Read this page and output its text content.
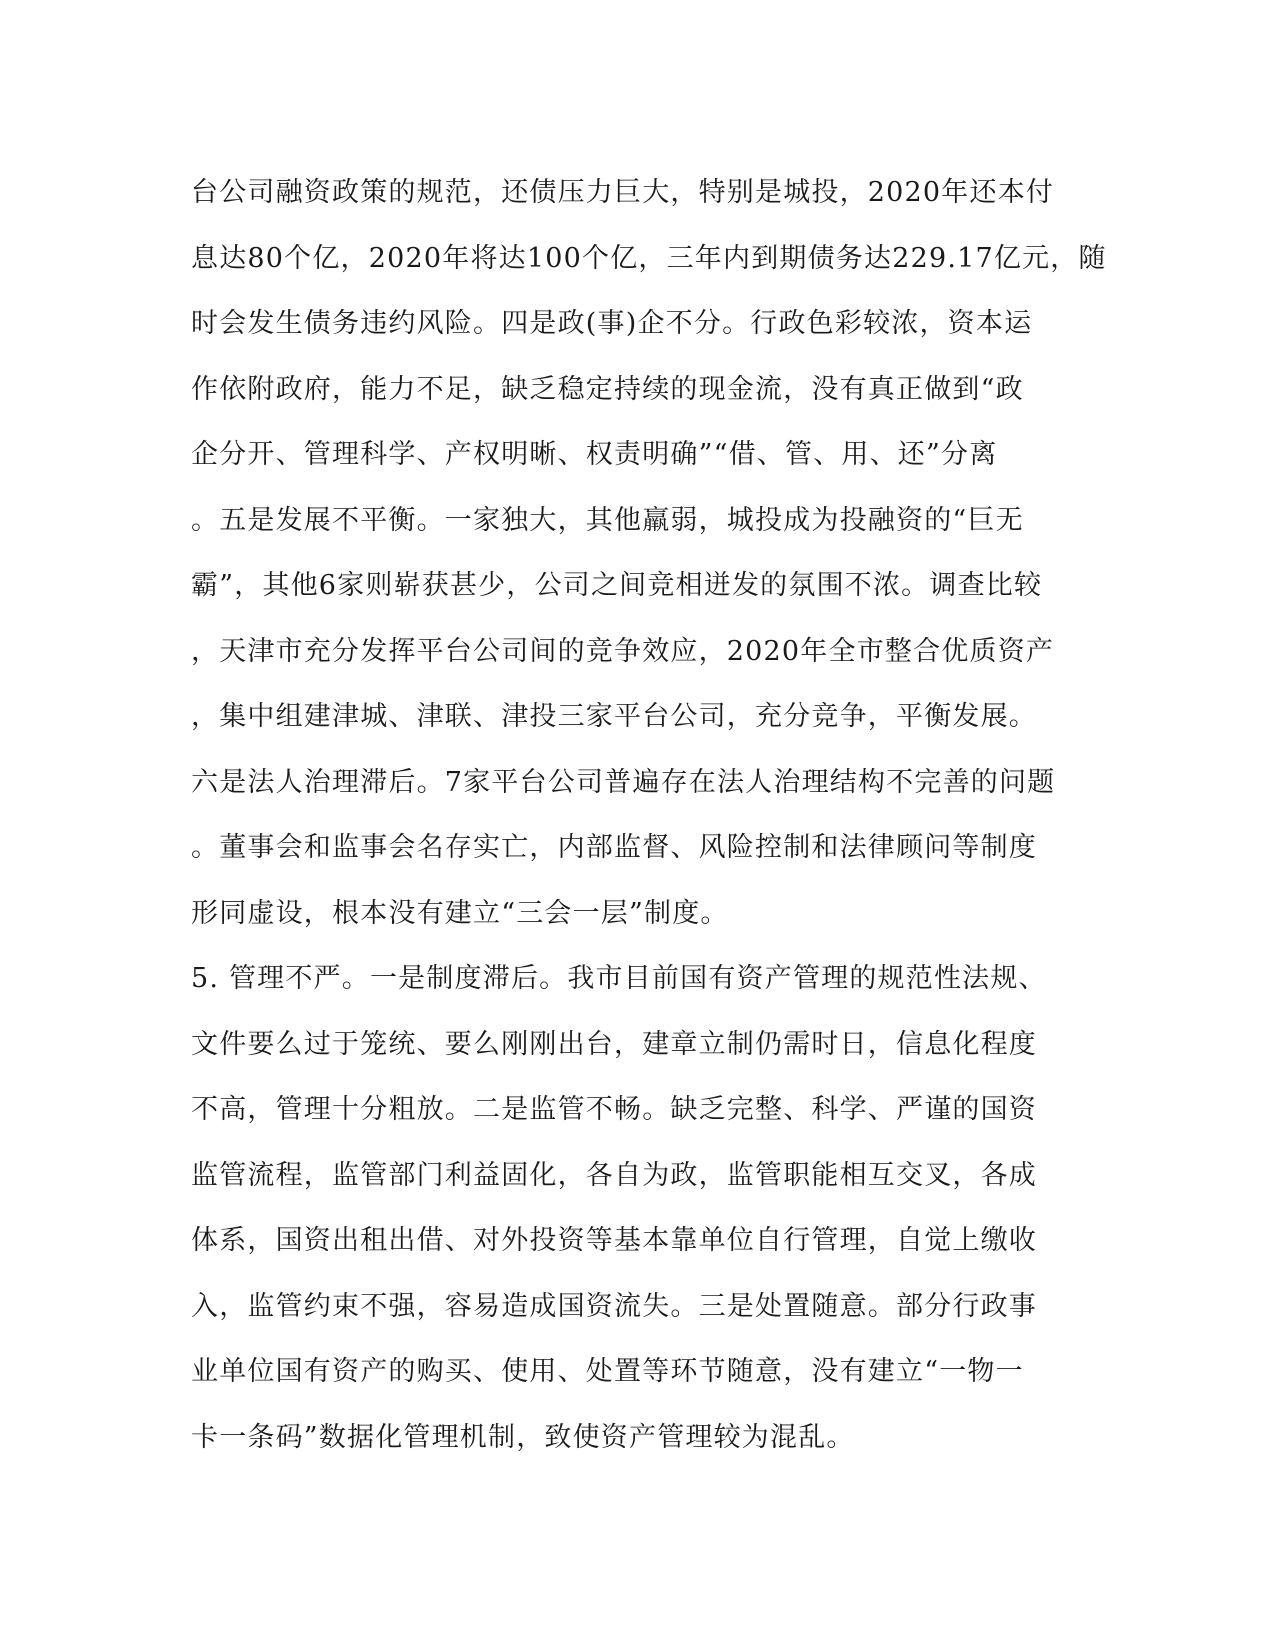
台公司融资政策的规范，还债压力巨大，特别是城投，2020年还本付
息达80个亿，2020年将达100个亿，三年内到期债务达229.17亿元，随
时会发生债务违约风险。四是政(事)企不分。行政色彩较浓，资本运
作依附政府，能力不足，缺乏稳定持续的现金流，没有真正做到“政
企分开、管理科学、产权明晰、权责明确”“借、管、用、还”分离
。五是发展不平衡。一家独大，其他羸弱，城投成为投融资的“巨无
霸”，其他6家则崭获甚少，公司之间竞相迸发的氛围不浓。调查比较
，天津市充分发挥平台公司间的竞争效应，2020年全市整合优质资产
，集中组建津城、津联、津投三家平台公司，充分竞争，平衡发展。
六是法人治理滞后。7家平台公司普遍存在法人治理结构不完善的问题
。董事会和监事会名存实亡，内部监督、风险控制和法律顾问等制度
形同虚设，根本没有建立“三会一层”制度。
5. 管理不严。一是制度滞后。我市目前国有资产管理的规范性法规、
文件要么过于笼统、要么刚刚出台，建章立制仍需时日，信息化程度
不高，管理十分粗放。二是监管不畅。缺乏完整、科学、严谨的国资
监管流程，监管部门利益固化，各自为政，监管职能相互交叉，各成
体系，国资出租出借、对外投资等基本靠单位自行管理，自觉上缴收
入，监管约束不强，容易造成国资流失。三是处置随意。部分行政事
业单位国有资产的购买、使用、处置等环节随意，没有建立“一物一
卡一条码”数据化管理机制，致使资产管理较为混乱。
